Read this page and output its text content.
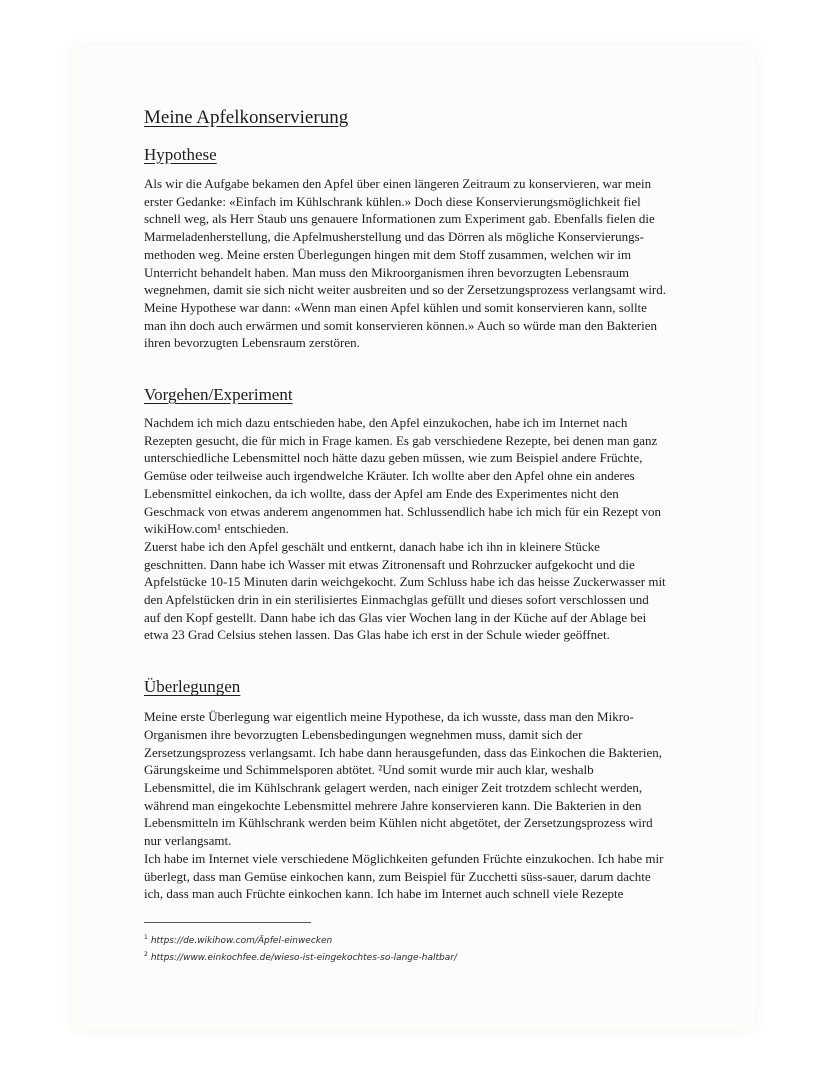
Meine Apfelkonservierung
Hypothese

Als wir die Aufgabe bekamen den Apfel über einen längeren Zeitraum zu konservieren, war mein
erster Gedanke: «Einfach im Kühlschrank kühlen.» Doch diese Konservierungsmöglichkeit fiel
schnell weg, als Herr Staub uns genauere Informationen zum Experiment gab. Ebenfalls fielen die
Marmeladenherstellung, die Apfelmusherstellung und das Dörren als mögliche Konservierungs-
methoden weg. Meine ersten Überlegungen hingen mit dem Stoff zusammen, welchen wir im
Unterricht behandelt haben. Man muss den Mikroorganismen ihren bevorzugten Lebensraum
wegnehmen, damit sie sich nicht weiter ausbreiten und so der Zersetzungsprozess verlangsamt wird.
Meine Hypothese war dann: «Wenn man einen Apfel kühlen und somit konservieren kann, sollte
man ihn doch auch erwärmen und somit konservieren können.» Auch so würde man den Bakterien
ihren bevorzugten Lebensraum zerstören.

Vorgehen/Experiment

Nachdem ich mich dazu entschieden habe, den Apfel einzukochen, habe ich im Internet nach
Rezepten gesucht, die für mich in Frage kamen. Es gab verschiedene Rezepte, bei denen man ganz
unterschiedliche Lebensmittel noch hätte dazu geben müssen, wie zum Beispiel andere Früchte,
Gemüse oder teilweise auch irgendwelche Kräuter. Ich wollte aber den Apfel ohne ein anderes
Lebensmittel einkochen, da ich wollte, dass der Apfel am Ende des Experimentes nicht den
Geschmack von etwas anderem angenommen hat. Schlussendlich habe ich mich für ein Rezept von
wikiHow.com¹ entschieden.
Zuerst habe ich den Apfel geschält und entkernt, danach habe ich ihn in kleinere Stücke
geschnitten. Dann habe ich Wasser mit etwas Zitronensaft und Rohrzucker aufgekocht und die
Apfelstücke 10-15 Minuten darin weichgekocht. Zum Schluss habe ich das heisse Zuckerwasser mit
den Apfelstücken drin in ein sterilisiertes Einmachglas gefüllt und dieses sofort verschlossen und
auf den Kopf gestellt. Dann habe ich das Glas vier Wochen lang in der Küche auf der Ablage bei
etwa 23 Grad Celsius stehen lassen. Das Glas habe ich erst in der Schule wieder geöffnet.

Überlegungen

Meine erste Überlegung war eigentlich meine Hypothese, da ich wusste, dass man den Mikro-
Organismen ihre bevorzugten Lebensbedingungen wegnehmen muss, damit sich der
Zersetzungsprozess verlangsamt. Ich habe dann herausgefunden, dass das Einkochen die Bakterien,
Gärungskeime und Schimmelsporen abtötet. ²Und somit wurde mir auch klar, weshalb
Lebensmittel, die im Kühlschrank gelagert werden, nach einiger Zeit trotzdem schlecht werden,
während man eingekochte Lebensmittel mehrere Jahre konservieren kann. Die Bakterien in den
Lebensmitteln im Kühlschrank werden beim Kühlen nicht abgetötet, der Zersetzungsprozess wird
nur verlangsamt.
Ich habe im Internet viele verschiedene Möglichkeiten gefunden Früchte einzukochen. Ich habe mir
überlegt, dass man Gemüse einkochen kann, zum Beispiel für Zucchetti süss-sauer, darum dachte
ich, dass man auch Früchte einkochen kann. Ich habe im Internet auch schnell viele Rezepte

$^1$ https://de.wikihow.com/Äpfel-einwecken
$^2$ https://www.einkochfee.de/wieso-ist-eingekochtes-so-lange-haltbar/
